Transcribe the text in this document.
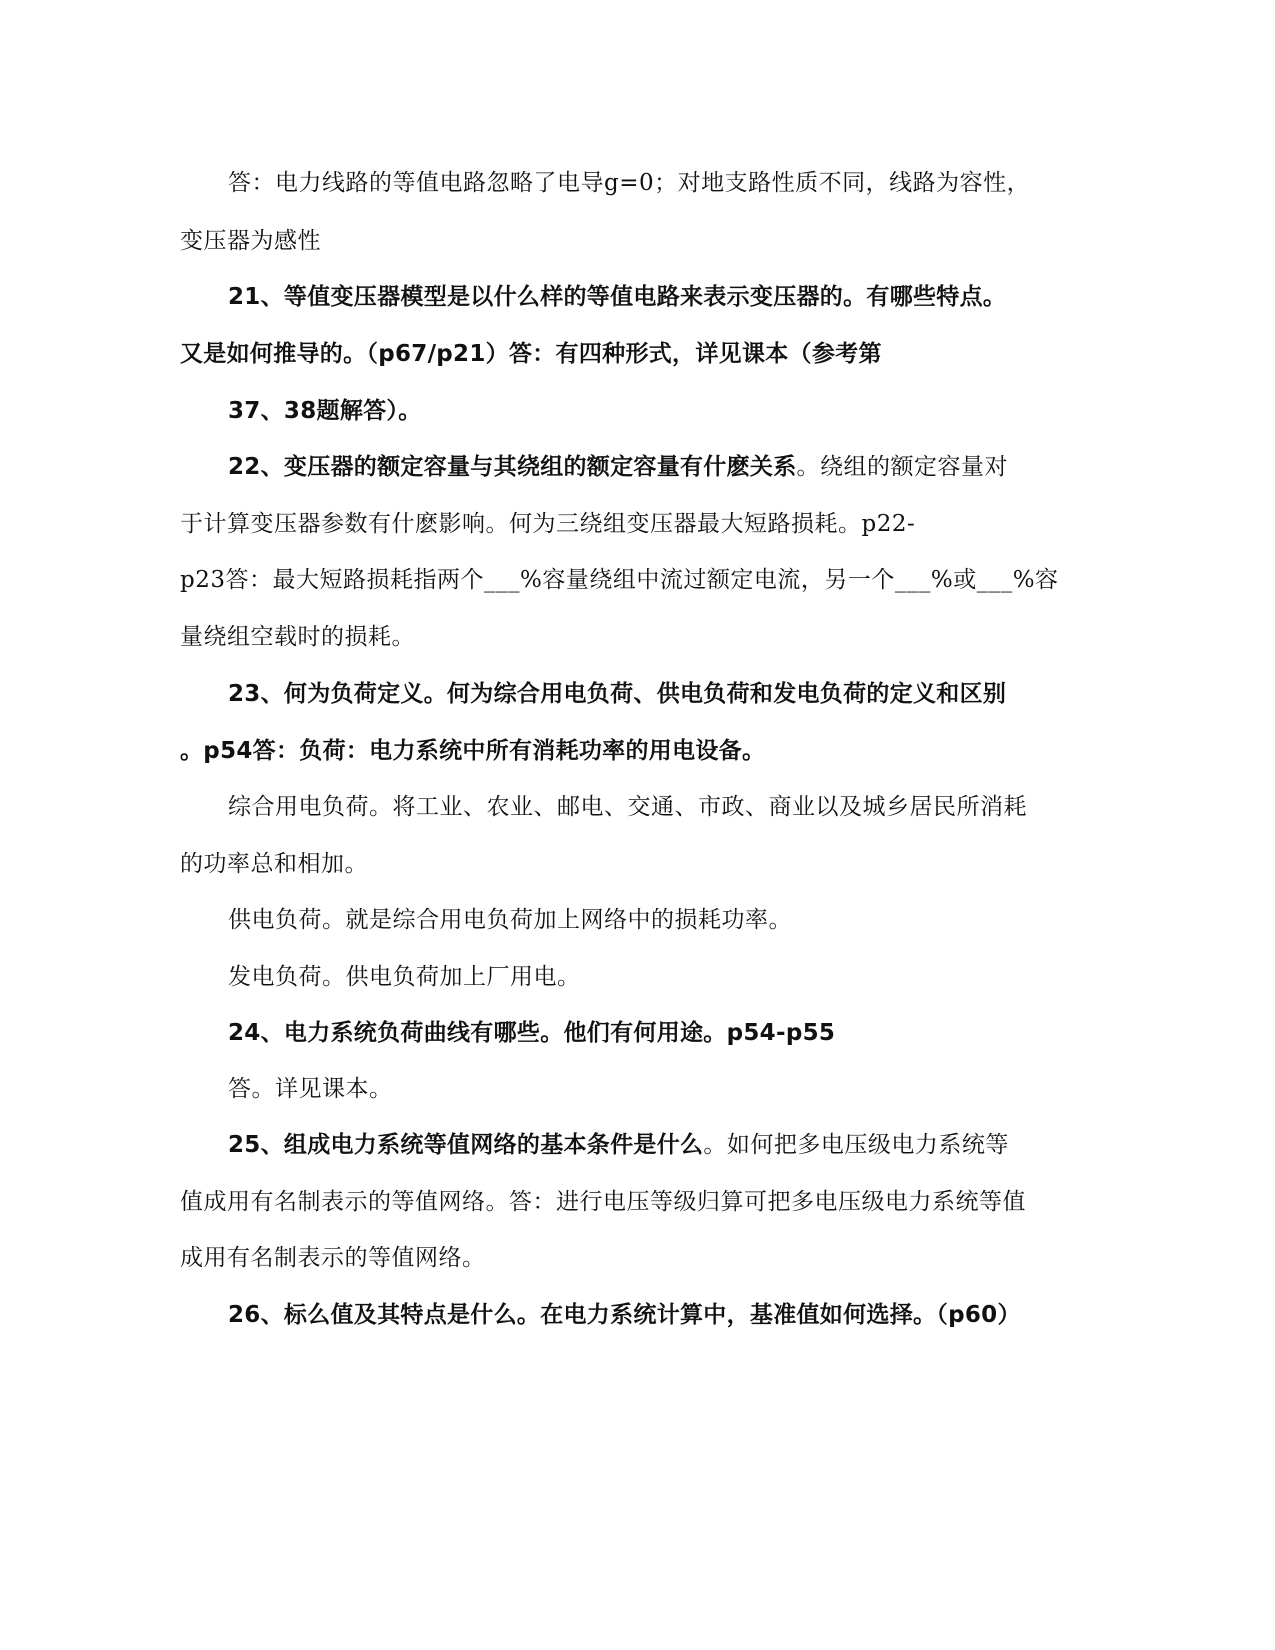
答：电力线路的等值电路忽略了电导g=0；对地支路性质不同，线路为容性，

变压器为感性

21、等值变压器模型是以什么样的等值电路来表示变压器的。有哪些特点。

又是如何推导的。（p67/p21）答：有四种形式，详见课本（参考第

37、38题解答）。

22、变压器的额定容量与其绕组的额定容量有什麽关系。绕组的额定容量对

于计算变压器参数有什麽影响。何为三绕组变压器最大短路损耗。p22-

p23答：最大短路损耗指两个___%容量绕组中流过额定电流，另一个___%或___%容

量绕组空载时的损耗。

23、何为负荷定义。何为综合用电负荷、供电负荷和发电负荷的定义和区别

。p54答：负荷：电力系统中所有消耗功率的用电设备。

综合用电负荷。将工业、农业、邮电、交通、市政、商业以及城乡居民所消耗

的功率总和相加。

供电负荷。就是综合用电负荷加上网络中的损耗功率。

发电负荷。供电负荷加上厂用电。

24、电力系统负荷曲线有哪些。他们有何用途。p54-p55

答。详见课本。

25、组成电力系统等值网络的基本条件是什么。如何把多电压级电力系统等

值成用有名制表示的等值网络。答：进行电压等级归算可把多电压级电力系统等值

成用有名制表示的等值网络。

26、标么值及其特点是什么。在电力系统计算中，基准值如何选择。（p60）
